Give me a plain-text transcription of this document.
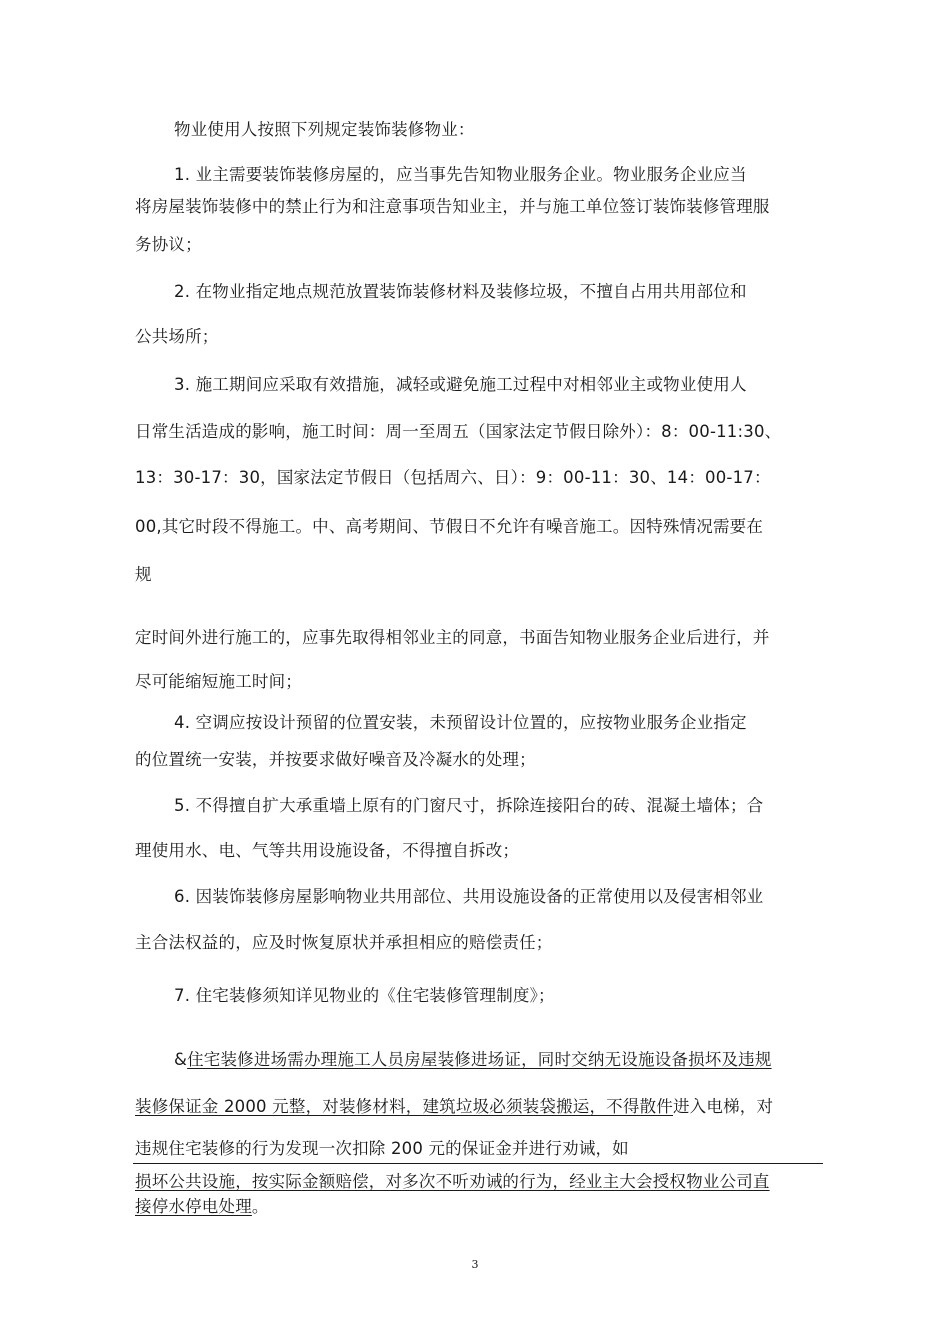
物业使用人按照下列规定装饰装修物业：
1. 业主需要装饰装修房屋的，应当事先告知物业服务企业。物业服务企业应当
将房屋装饰装修中的禁止行为和注意事项告知业主，并与施工单位签订装饰装修管理服
务协议；
2. 在物业指定地点规范放置装饰装修材料及装修垃圾，不擅自占用共用部位和
公共场所；
3. 施工期间应采取有效措施，减轻或避免施工过程中对相邻业主或物业使用人
日常生活造成的影响，施工时间：周一至周五（国家法定节假日除外）：8：00-11:30、
13：30-17：30，国家法定节假日（包括周六、日）：9：00-11：30、14：00-17：
00,其它时段不得施工。中、高考期间、节假日不允许有噪音施工。因特殊情况需要在
规
定时间外进行施工的，应事先取得相邻业主的同意，书面告知物业服务企业后进行，并
尽可能缩短施工时间；
4. 空调应按设计预留的位置安装，未预留设计位置的，应按物业服务企业指定
的位置统一安装，并按要求做好噪音及冷凝水的处理；
5. 不得擅自扩大承重墙上原有的门窗尺寸，拆除连接阳台的砖、混凝土墙体；合
理使用水、电、气等共用设施设备，不得擅自拆改；
6. 因装饰装修房屋影响物业共用部位、共用设施设备的正常使用以及侵害相邻业
主合法权益的，应及时恢复原状并承担相应的赔偿责任；
7. 住宅装修须知详见物业的《住宅装修管理制度》；
&住宅装修进场需办理施工人员房屋装修进场证，同时交纳无设施设备损坏及违规
装修保证金 2000 元整，对装修材料，建筑垃圾必须装袋搬运，不得散件进入电梯，对
违规住宅装修的行为发现一次扣除 200 元的保证金并进行劝诫，如
损坏公共设施，按实际金额赔偿，对多次不听劝诫的行为，经业主大会授权物业公司直
接停水停电处理。
3
